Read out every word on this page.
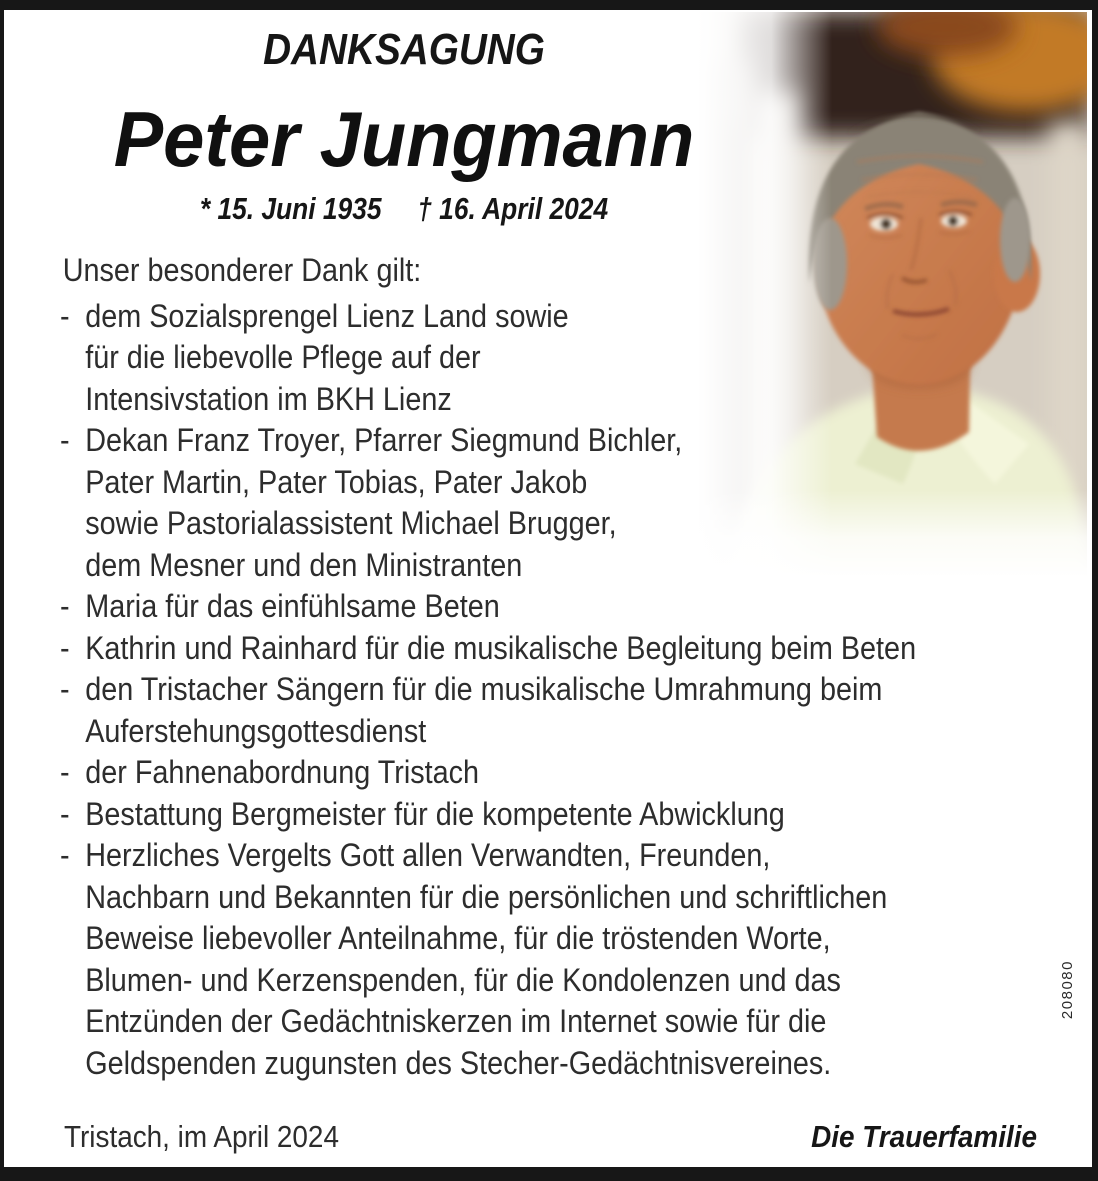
DANKSAGUNG
Peter Jungmann
* 15. Juni 1935 † 16. April 2024
Unser besonderer Dank gilt:
- dem Sozialsprengel Lienz Land sowie
für die liebevolle Pflege auf der
Intensivstation im BKH Lienz
- Dekan Franz Troyer, Pfarrer Siegmund Bichler,
Pater Martin, Pater Tobias, Pater Jakob
sowie Pastorialassistent Michael Brugger,
dem Mesner und den Ministranten
- Maria für das einfühlsame Beten
- Kathrin und Rainhard für die musikalische Begleitung beim Beten
- den Tristacher Sängern für die musikalische Umrahmung beim
Auferstehungsgottesdienst
- der Fahnenabordnung Tristach
- Bestattung Bergmeister für die kompetente Abwicklung
- Herzliches Vergelts Gott allen Verwandten, Freunden,
Nachbarn und Bekannten für die persönlichen und schriftlichen
Beweise liebevoller Anteilnahme, für die tröstenden Worte,
Blumen- und Kerzenspenden, für die Kondolenzen und das
Entzünden der Gedächtniskerzen im Internet sowie für die
Geldspenden zugunsten des Stecher-Gedächtnisvereines.
208080
Tristach, im April 2024	Die Trauerfamilie
